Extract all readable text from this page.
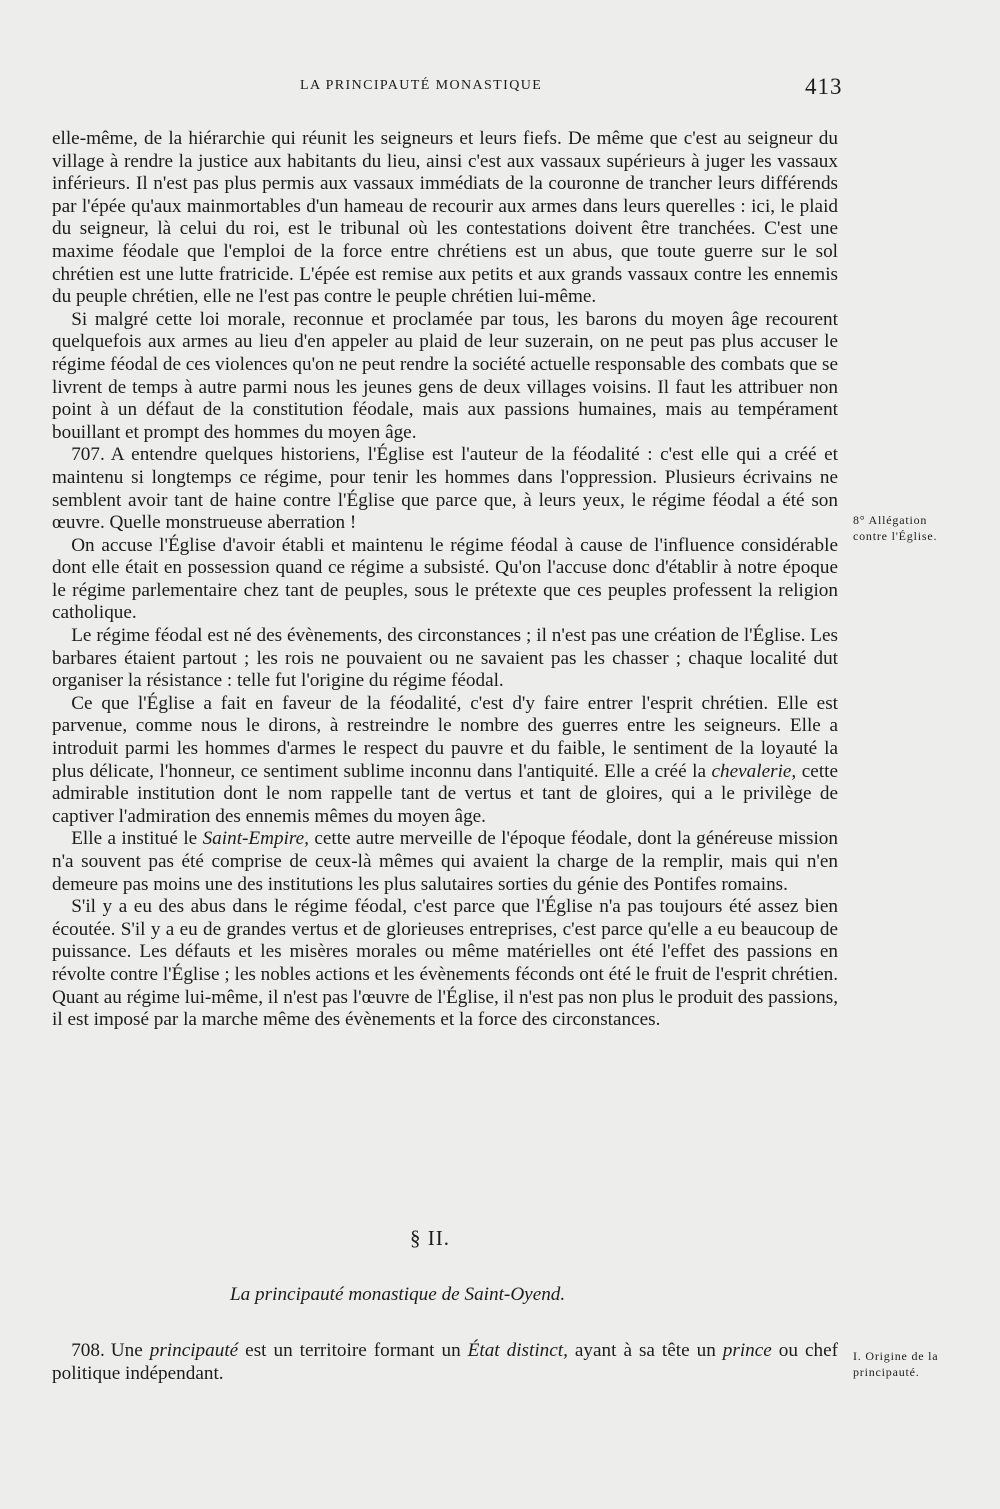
LA PRINCIPAUTÉ MONASTIQUE	413

elle-même, de la hiérarchie qui réunit les seigneurs et leurs fiefs. De même que c'est au seigneur du village à rendre la justice aux habitants du lieu, ainsi c'est aux vassaux supérieurs à juger les vassaux inférieurs. Il n'est pas plus permis aux vassaux immédiats de la couronne de trancher leurs différends par l'épée qu'aux mainmortables d'un hameau de recourir aux armes dans leurs querelles : ici, le plaid du seigneur, là celui du roi, est le tribunal où les contestations doivent être tranchées. C'est une maxime féodale que l'emploi de la force entre chrétiens est un abus, que toute guerre sur le sol chrétien est une lutte fratricide. L'épée est remise aux petits et aux grands vassaux contre les ennemis du peuple chrétien, elle ne l'est pas contre le peuple chrétien lui-même.

 Si malgré cette loi morale, reconnue et proclamée par tous, les barons du moyen âge recourent quelquefois aux armes au lieu d'en appeler au plaid de leur suzerain, on ne peut pas plus accuser le régime féodal de ces violences qu'on ne peut rendre la société actuelle responsable des combats que se livrent de temps à autre parmi nous les jeunes gens de deux villages voisins. Il faut les attribuer non point à un défaut de la constitution féodale, mais aux passions humaines, mais au tempérament bouillant et prompt des hommes du moyen âge.

 707. A entendre quelques historiens, l'Église est l'auteur de la féodalité : c'est elle qui a créé et maintenu si longtemps ce régime, pour tenir les hommes dans l'oppression. Plusieurs écrivains ne semblent avoir tant de haine contre l'Église que parce que, à leurs yeux, le régime féodal a été son œuvre. Quelle monstrueuse aberration !

 On accuse l'Église d'avoir établi et maintenu le régime féodal à cause de l'influence considérable dont elle était en possession quand ce régime a subsisté. Qu'on l'accuse donc d'établir à notre époque le régime parlementaire chez tant de peuples, sous le prétexte que ces peuples professent la religion catholique.

 Le régime féodal est né des évènements, des circonstances ; il n'est pas une création de l'Église. Les barbares étaient partout ; les rois ne pouvaient ou ne savaient pas les chasser ; chaque localité dut organiser la résistance : telle fut l'origine du régime féodal.

 Ce que l'Église a fait en faveur de la féodalité, c'est d'y faire entrer l'esprit chrétien. Elle est parvenue, comme nous le dirons, à restreindre le nombre des guerres entre les seigneurs. Elle a introduit parmi les hommes d'armes le respect du pauvre et du faible, le sentiment de la loyauté la plus délicate, l'honneur, ce sentiment sublime inconnu dans l'antiquité. Elle a créé la chevalerie, cette admirable institution dont le nom rappelle tant de vertus et tant de gloires, qui a le privilège de captiver l'admiration des ennemis mêmes du moyen âge.

 Elle a institué le Saint-Empire, cette autre merveille de l'époque féodale, dont la généreuse mission n'a souvent pas été comprise de ceux-là mêmes qui avaient la charge de la remplir, mais qui n'en demeure pas moins une des institutions les plus salutaires sorties du génie des Pontifes romains.

 S'il y a eu des abus dans le régime féodal, c'est parce que l'Église n'a pas toujours été assez bien écoutée. S'il y a eu de grandes vertus et de glorieuses entreprises, c'est parce qu'elle a eu beaucoup de puissance. Les défauts et les misères morales ou même matérielles ont été l'effet des passions en révolte contre l'Église ; les nobles actions et les évènements féconds ont été le fruit de l'esprit chrétien. Quant au régime lui-même, il n'est pas l'œuvre de l'Église, il n'est pas non plus le produit des passions, il est imposé par la marche même des évènements et la force des circonstances.

§ II.
La principauté monastique de Saint-Oyend.

 708. Une principauté est un territoire formant un État distinct, ayant à sa tête un prince ou chef politique indépendant.

8° Allégation contre l'Église.
I. Origine de la principauté.
